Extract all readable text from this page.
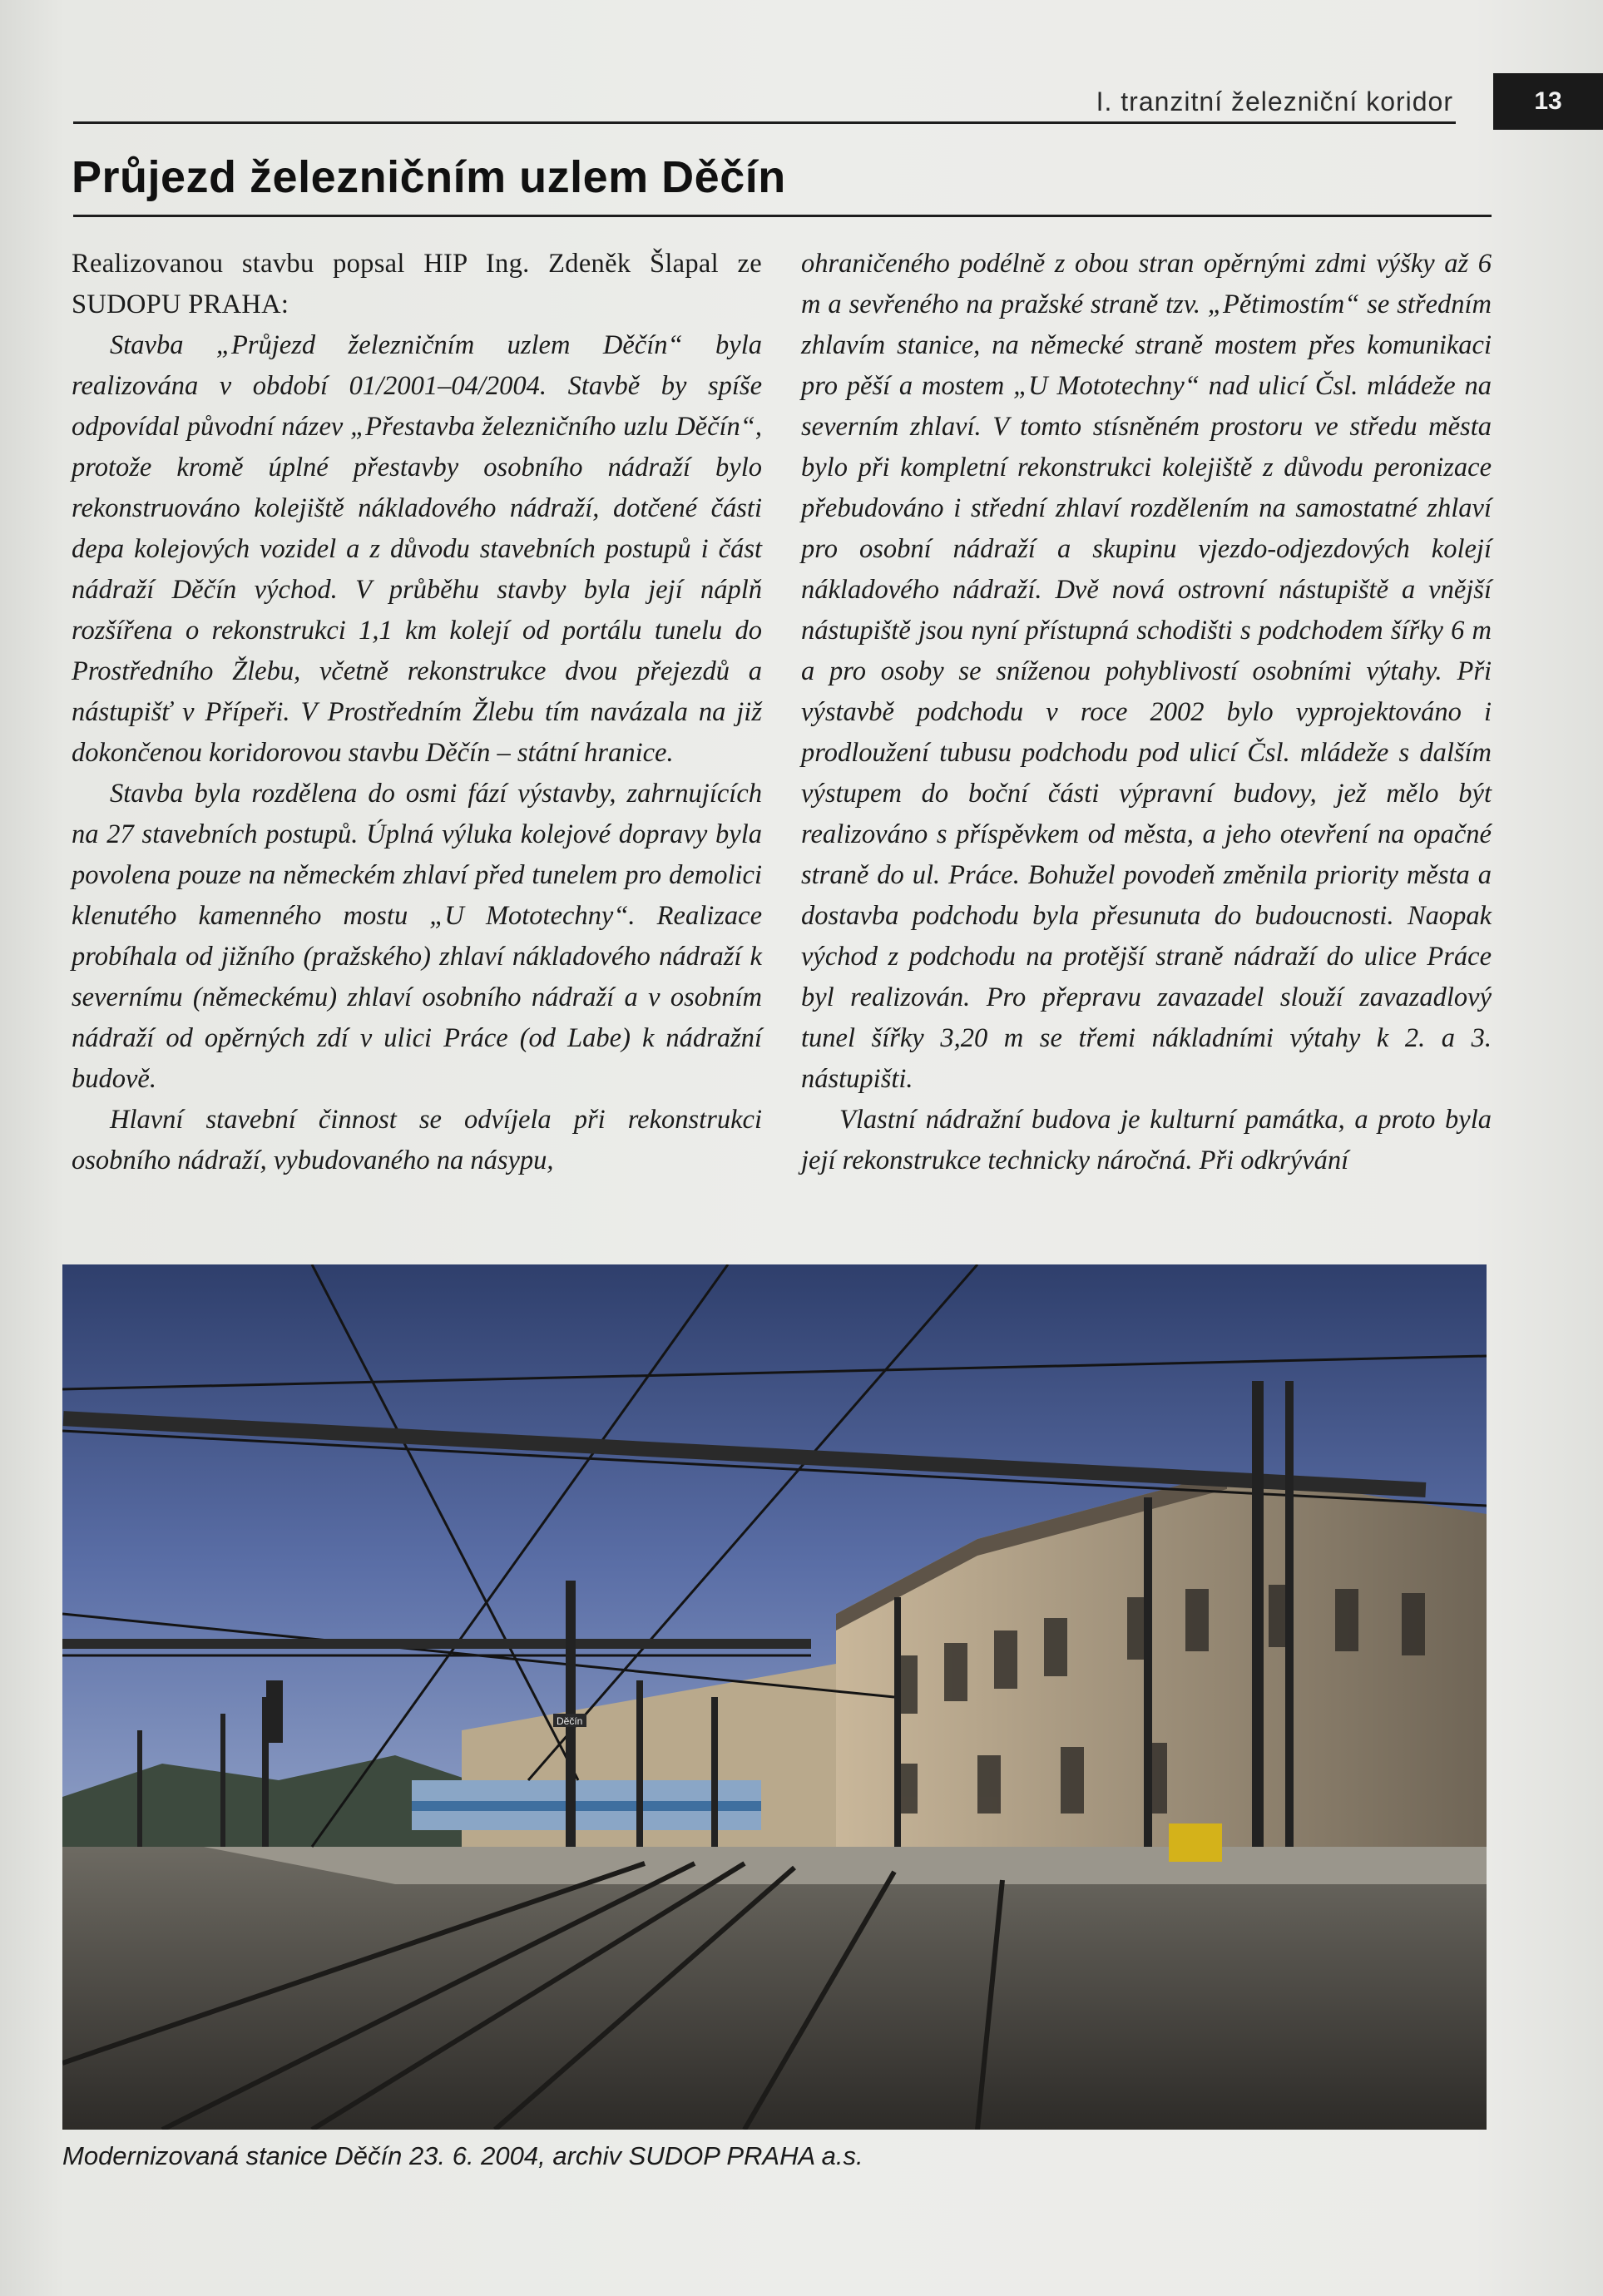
I. tranzitní železniční koridor	13
Průjezd železničním uzlem Děčín

Realizovanou stavbu popsal HIP Ing. Zdeněk Šlapal ze SUDOPU PRAHA:

Stavba „Průjezd železničním uzlem Děčín“ byla realizována v období 01/2001–04/2004. Stavbě by spíše odpovídal původní název „Přestavba železničního uzlu Děčín“, protože kromě úplné přestavby osobního nádraží bylo rekonstruováno kolejiště nákladového nádraží, dotčené části depa kolejových vozidel a z důvodu stavebních postupů i část nádraží Děčín východ. V průběhu stavby byla její náplň rozšířena o rekonstrukci 1,1 km kolejí od portálu tunelu do Prostředního Žlebu, včetně rekonstrukce dvou přejezdů a nástupišť v Přípeři. V Prostředním Žlebu tím navázala na již dokončenou koridorovou stavbu Děčín – státní hranice.

Stavba byla rozdělena do osmi fází výstavby, zahrnujících na 27 stavebních postupů. Úplná výluka kolejové dopravy byla povolena pouze na německém zhlaví před tunelem pro demolici klenutého kamenného mostu „U Mototechny“. Realizace probíhala od jižního (pražského) zhlaví nákladového nádraží k severnímu (německému) zhlaví osobního nádraží a v osobním nádraží od opěrných zdí v ulici Práce (od Labe) k nádražní budově.

Hlavní stavební činnost se odvíjela při rekonstrukci osobního nádraží, vybudovaného na násypu,

ohraničeného podélně z obou stran opěrnými zdmi výšky až 6 m a sevřeného na pražské straně tzv. „Pětimostím“ se středním zhlavím stanice, na německé straně mostem přes komunikaci pro pěší a mostem „U Mototechny“ nad ulicí Čsl. mládeže na severním zhlaví. V tomto stísněném prostoru ve středu města bylo při kompletní rekonstrukci kolejiště z důvodu peronizace přebudováno i střední zhlaví rozdělením na samostatné zhlaví pro osobní nádraží a skupinu vjezdo-odjezdových kolejí nákladového nádraží. Dvě nová ostrovní nástupiště a vnější nástupiště jsou nyní přístupná schodišti s podchodem šířky 6 m a pro osoby se sníženou pohyblivostí osobními výtahy. Při výstavbě podchodu v roce 2002 bylo vyprojektováno i prodloužení tubusu podchodu pod ulicí Čsl. mládeže s dalším výstupem do boční části výpravní budovy, jež mělo být realizováno s příspěvkem od města, a jeho otevření na opačné straně do ul. Práce. Bohužel povodeň změnila priority města a dostavba podchodu byla přesunuta do budoucnosti. Naopak východ z podchodu na protější straně nádraží do ulice Práce byl realizován. Pro přepravu zavazadel slouží zavazadlový tunel šířky 3,20 m se třemi nákladními výtahy k 2. a 3. nástupišti.

Vlastní nádražní budova je kulturní památka, a proto byla její rekonstrukce technicky náročná. Při odkrývání

Děčín
Modernizovaná stanice Děčín 23. 6. 2004, archiv SUDOP PRAHA a.s.
